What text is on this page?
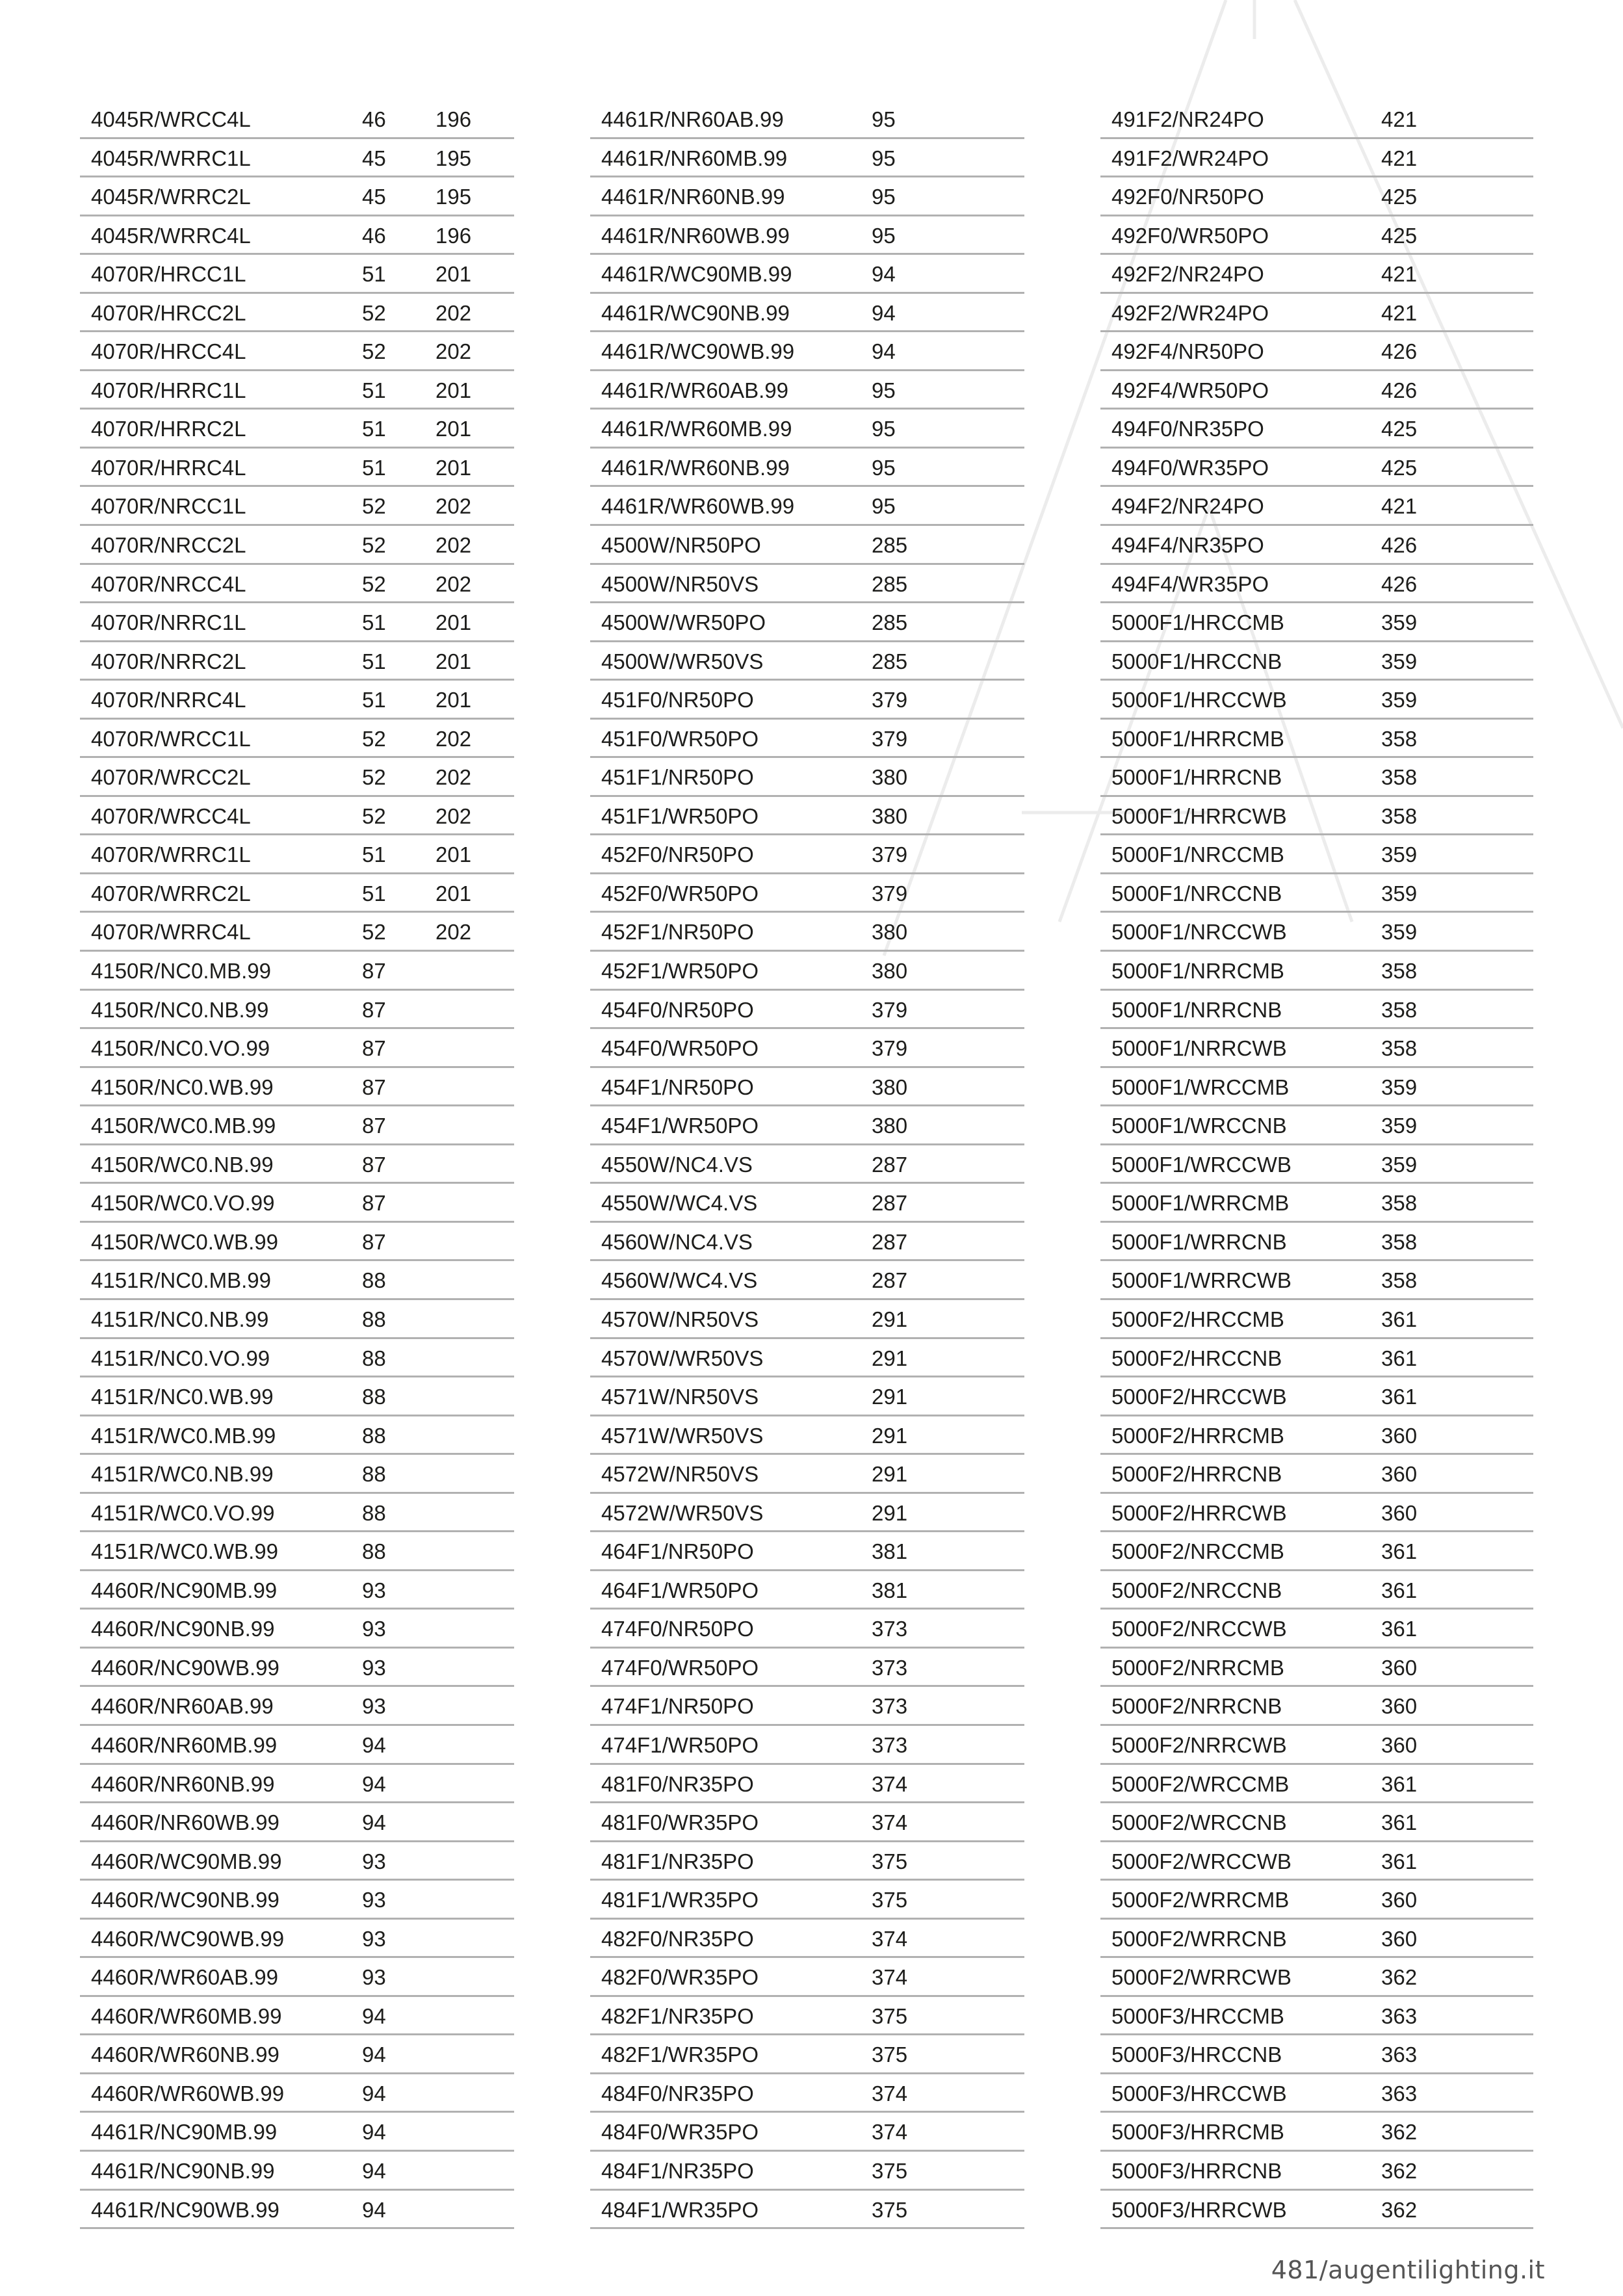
4045R/WRCC4L	46 196
4045R/WRRC1L	45 195
4045R/WRRC2L	45 195
4045R/WRRC4L	46 196
4070R/HRCC1L	51 201
4070R/HRCC2L	52 202
4070R/HRCC4L	52 202
4070R/HRRC1L	51 201
4070R/HRRC2L	51 201
4070R/HRRC4L	51 201
4070R/NRCC1L	52 202
4070R/NRCC2L	52 202
4070R/NRCC4L	52 202
4070R/NRRC1L	51 201
4070R/NRRC2L	51 201
4070R/NRRC4L	51 201
4070R/WRCC1L	52 202
4070R/WRCC2L	52 202
4070R/WRCC4L	52 202
4070R/WRRC1L	51 201
4070R/WRRC2L	51 201
4070R/WRRC4L	52 202
4150R/NC0.MB.99	87
4150R/NC0.NB.99	87
4150R/NC0.VO.99	87
4150R/NC0.WB.99	87
4150R/WC0.MB.99	87
4150R/WC0.NB.99	87
4150R/WC0.VO.99	87
4150R/WC0.WB.99	87
4151R/NC0.MB.99	88
4151R/NC0.NB.99	88
4151R/NC0.VO.99	88
4151R/NC0.WB.99	88
4151R/WC0.MB.99	88
4151R/WC0.NB.99	88
4151R/WC0.VO.99	88
4151R/WC0.WB.99	88
4460R/NC90MB.99	93
4460R/NC90NB.99	93
4460R/NC90WB.99	93
4460R/NR60AB.99	93
4460R/NR60MB.99	94
4460R/NR60NB.99	94
4460R/NR60WB.99	94
4460R/WC90MB.99	93
4460R/WC90NB.99	93
4460R/WC90WB.99	93
4460R/WR60AB.99	93
4460R/WR60MB.99	94
4460R/WR60NB.99	94
4460R/WR60WB.99	94
4461R/NC90MB.99	94
4461R/NC90NB.99	94
4461R/NC90WB.99	94
4461R/NR60AB.99	95
4461R/NR60MB.99	95
4461R/NR60NB.99	95
4461R/NR60WB.99	95
4461R/WC90MB.99	94
4461R/WC90NB.99	94
4461R/WC90WB.99	94
4461R/WR60AB.99	95
4461R/WR60MB.99	95
4461R/WR60NB.99	95
4461R/WR60WB.99	95
4500W/NR50PO	285
4500W/NR50VS	285
4500W/WR50PO	285
4500W/WR50VS	285
451F0/NR50PO	379
451F0/WR50PO	379
451F1/NR50PO	380
451F1/WR50PO	380
452F0/NR50PO	379
452F0/WR50PO	379
452F1/NR50PO	380
452F1/WR50PO	380
454F0/NR50PO	379
454F0/WR50PO	379
454F1/NR50PO	380
454F1/WR50PO	380
4550W/NC4.VS	287
4550W/WC4.VS	287
4560W/NC4.VS	287
4560W/WC4.VS	287
4570W/NR50VS	291
4570W/WR50VS	291
4571W/NR50VS	291
4571W/WR50VS	291
4572W/NR50VS	291
4572W/WR50VS	291
464F1/NR50PO	381
464F1/WR50PO	381
474F0/NR50PO	373
474F0/WR50PO	373
474F1/NR50PO	373
474F1/WR50PO	373
481F0/NR35PO	374
481F0/WR35PO	374
481F1/NR35PO	375
481F1/WR35PO	375
482F0/NR35PO	374
482F0/WR35PO	374
482F1/NR35PO	375
482F1/WR35PO	375
484F0/NR35PO	374
484F0/WR35PO	374
484F1/NR35PO	375
484F1/WR35PO	375
491F2/NR24PO	421
491F2/WR24PO	421
492F0/NR50PO	425
492F0/WR50PO	425
492F2/NR24PO	421
492F2/WR24PO	421
492F4/NR50PO	426
492F4/WR50PO	426
494F0/NR35PO	425
494F0/WR35PO	425
494F2/NR24PO	421
494F4/NR35PO	426
494F4/WR35PO	426
5000F1/HRCCMB	359
5000F1/HRCCNB	359
5000F1/HRCCWB	359
5000F1/HRRCMB	358
5000F1/HRRCNB	358
5000F1/HRRCWB	358
5000F1/NRCCMB	359
5000F1/NRCCNB	359
5000F1/NRCCWB	359
5000F1/NRRCMB	358
5000F1/NRRCNB	358
5000F1/NRRCWB	358
5000F1/WRCCMB	359
5000F1/WRCCNB	359
5000F1/WRCCWB	359
5000F1/WRRCMB	358
5000F1/WRRCNB	358
5000F1/WRRCWB	358
5000F2/HRCCMB	361
5000F2/HRCCNB	361
5000F2/HRCCWB	361
5000F2/HRRCMB	360
5000F2/HRRCNB	360
5000F2/HRRCWB	360
5000F2/NRCCMB	361
5000F2/NRCCNB	361
5000F2/NRCCWB	361
5000F2/NRRCMB	360
5000F2/NRRCNB	360
5000F2/NRRCWB	360
5000F2/WRCCMB	361
5000F2/WRCCNB	361
5000F2/WRCCWB	361
5000F2/WRRCMB	360
5000F2/WRRCNB	360
5000F2/WRRCWB	362
5000F3/HRCCMB	363
5000F3/HRCCNB	363
5000F3/HRCCWB	363
5000F3/HRRCMB	362
5000F3/HRRCNB	362
5000F3/HRRCWB	362
481/augentilighting.it
